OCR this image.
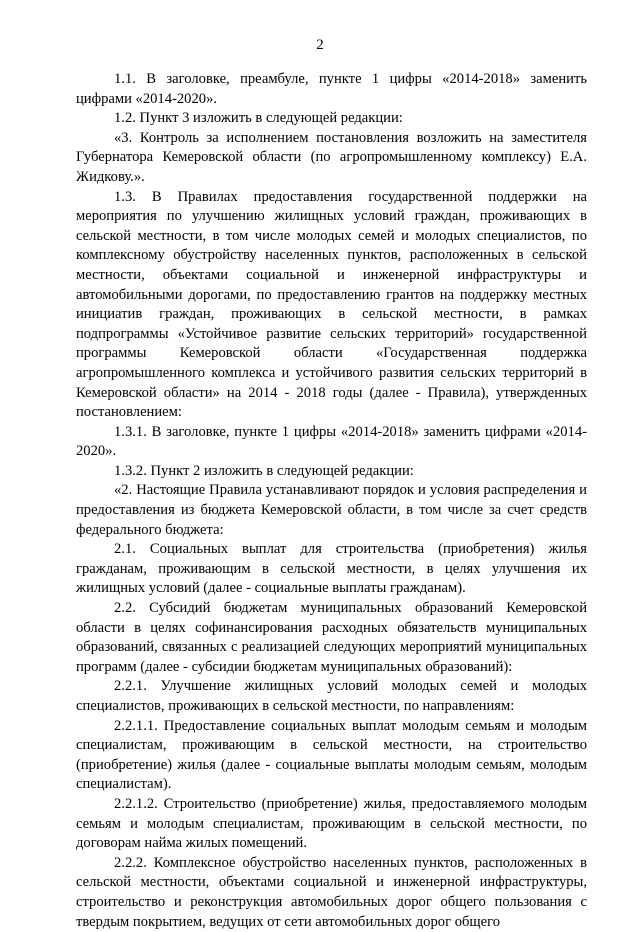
2

1.1. В заголовке, преамбуле, пункте 1 цифры «2014-2018» заменить цифрами «2014-2020».

1.2. Пункт 3 изложить в следующей редакции:

«3. Контроль за исполнением постановления возложить на заместителя Губернатора Кемеровской области (по агропромышленному комплексу) Е.А. Жидкову.».

1.3. В Правилах предоставления государственной поддержки на мероприятия по улучшению жилищных условий граждан, проживающих в сельской местности, в том числе молодых семей и молодых специалистов, по комплексному обустройству населенных пунктов, расположенных в сельской местности, объектами социальной и инженерной инфраструктуры и автомобильными дорогами, по предоставлению грантов на поддержку местных инициатив граждан, проживающих в сельской местности, в рамках подпрограммы «Устойчивое развитие сельских территорий» государственной программы Кемеровской области «Государственная поддержка агропромышленного комплекса и устойчивого развития сельских территорий в Кемеровской области» на 2014 - 2018 годы (далее - Правила), утвержденных постановлением:

1.3.1. В заголовке, пункте 1 цифры «2014-2018» заменить цифрами «2014-2020».

1.3.2. Пункт 2 изложить в следующей редакции:

«2. Настоящие Правила устанавливают порядок и условия распределения и предоставления из бюджета Кемеровской области, в том числе за счет средств федерального бюджета:

2.1. Социальных выплат для строительства (приобретения) жилья гражданам, проживающим в сельской местности, в целях улучшения их жилищных условий (далее - социальные выплаты гражданам).

2.2. Субсидий бюджетам муниципальных образований Кемеровской области в целях софинансирования расходных обязательств муниципальных образований, связанных с реализацией следующих мероприятий муниципальных программ (далее - субсидии бюджетам муниципальных образований):

2.2.1. Улучшение жилищных условий молодых семей и молодых специалистов, проживающих в сельской местности, по направлениям:

2.2.1.1. Предоставление социальных выплат молодым семьям и молодым специалистам, проживающим в сельской местности, на строительство (приобретение) жилья (далее - социальные выплаты молодым семьям, молодым специалистам).

2.2.1.2. Строительство (приобретение) жилья, предоставляемого молодым семьям и молодым специалистам, проживающим в сельской местности, по договорам найма жилых помещений.

2.2.2. Комплексное обустройство населенных пунктов, расположенных в сельской местности, объектами социальной и инженерной инфраструктуры, строительство и реконструкция автомобильных дорог общего пользования с твердым покрытием, ведущих от сети автомобильных дорог общего
